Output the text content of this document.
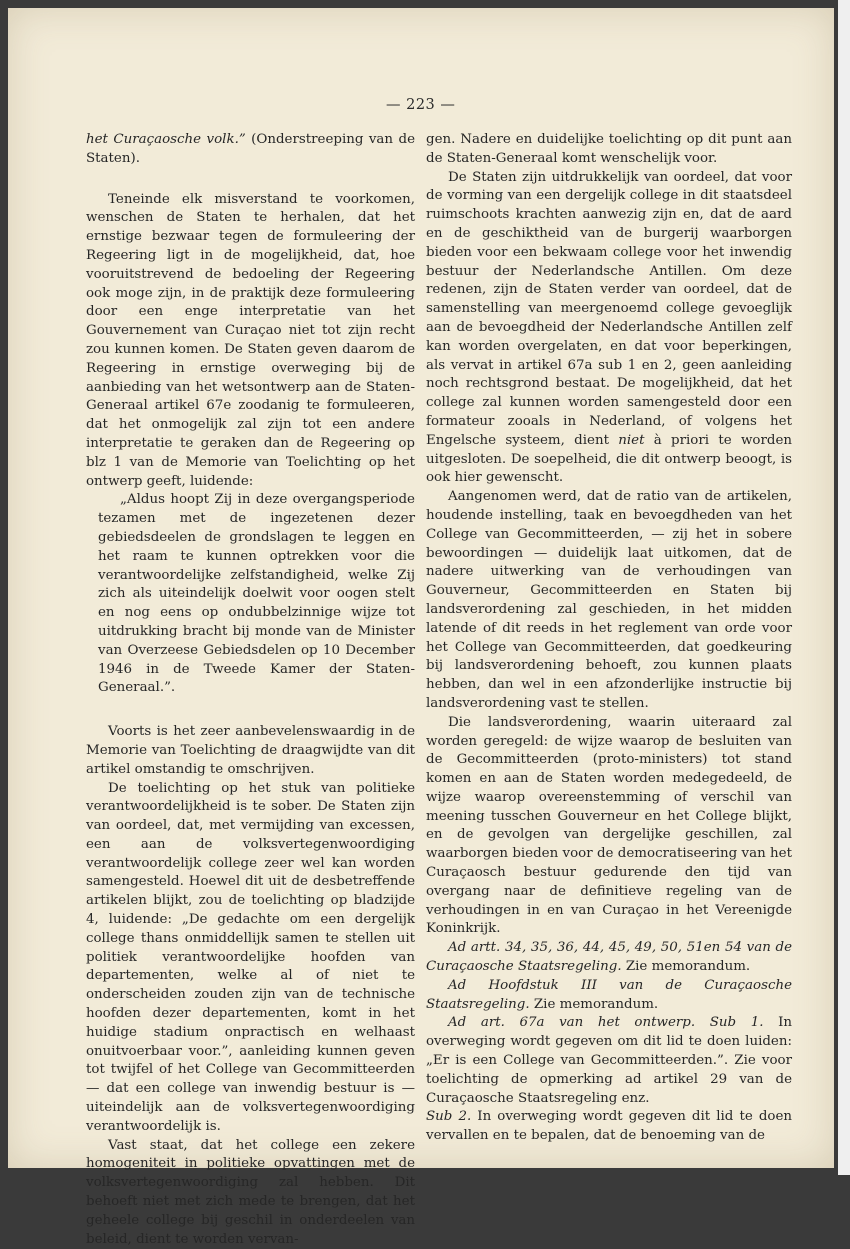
— 223 —

het Curaçaosche volk.” (Onderstreeping van de Staten).

Teneinde elk misverstand te voorkomen, wenschen de Staten te herhalen, dat het ernstige bezwaar tegen de formuleering der Regeering ligt in de mogelijkheid, dat, hoe vooruitstrevend de bedoeling der Regeering ook moge zijn, in de praktijk deze formuleering door een enge interpretatie van het Gouvernement van Curaçao niet tot zijn recht zou kunnen komen. De Staten geven daarom de Regeering in ernstige overweging bij de aanbieding van het wetsontwerp aan de Staten-Generaal artikel 67e zoodanig te formuleeren, dat het onmogelijk zal zijn tot een andere interpretatie te geraken dan de Regeering op blz 1 van de Memorie van Toelichting op het ontwerp geeft, luidende:

„Aldus hoopt Zij in deze overgangsperiode tezamen met de ingezetenen dezer gebiedsdeelen de grondslagen te leggen en het raam te kunnen optrekken voor die verantwoordelijke zelfstandigheid, welke Zij zich als uiteindelijk doelwit voor oogen stelt en nog eens op ondubbelzinnige wijze tot uitdrukking bracht bij monde van de Minister van Overzeese Gebiedsdelen op 10 December 1946 in de Tweede Kamer der Staten-Generaal.”.

Voorts is het zeer aanbevelenswaardig in de Memorie van Toelichting de draagwijdte van dit artikel omstandig te omschrijven.

De toelichting op het stuk van politieke verantwoordelijkheid is te sober. De Staten zijn van oordeel, dat, met vermijding van excessen, een aan de volksvertegenwoordiging verantwoordelijk college zeer wel kan worden samengesteld. Hoewel dit uit de desbetreffende artikelen blijkt, zou de toelichting op bladzijde 4, luidende: „De gedachte om een dergelijk college thans onmiddellijk samen te stellen uit politiek verantwoordelijke hoofden van departementen, welke al of niet te onderscheiden zouden zijn van de technische hoofden dezer departementen, komt in het huidige stadium onpractisch en welhaast onuitvoerbaar voor.”, aanleiding kunnen geven tot twijfel of het College van Gecommitteerden — dat een college van inwendig bestuur is — uiteindelijk aan de volksvertegenwoordiging verantwoordelijk is.

Vast staat, dat het college een zekere homogeniteit in politieke opvattingen met de volksvertegenwoordiging zal hebben. Dit behoeft niet met zich mede te brengen, dat het geheele college bij geschil in onderdeelen van beleid, dient te worden vervan-

gen. Nadere en duidelijke toelichting op dit punt aan de Staten-Generaal komt wenschelijk voor.

De Staten zijn uitdrukkelijk van oordeel, dat voor de vorming van een dergelijk college in dit staatsdeel ruimschoots krachten aanwezig zijn en, dat de aard en de geschiktheid van de burgerij waarborgen bieden voor een bekwaam college voor het inwendig bestuur der Nederlandsche Antillen. Om deze redenen, zijn de Staten verder van oordeel, dat de samenstelling van meergenoemd college gevoeglijk aan de bevoegdheid der Nederlandsche Antillen zelf kan worden overgelaten, en dat voor beperkingen, als vervat in artikel 67a sub 1 en 2, geen aanleiding noch rechtsgrond bestaat. De mogelijkheid, dat het college zal kunnen worden samengesteld door een formateur zooals in Nederland, of volgens het Engelsche systeem, dient niet à priori te worden uitgesloten. De soepelheid, die dit ontwerp beoogt, is ook hier gewenscht.

Aangenomen werd, dat de ratio van de artikelen, houdende instelling, taak en bevoegdheden van het College van Gecommitteerden, — zij het in sobere bewoordingen — duidelijk laat uitkomen, dat de nadere uitwerking van de verhoudingen van Gouverneur, Gecommitteerden en Staten bij landsverordening zal geschieden, in het midden latende of dit reeds in het reglement van orde voor het College van Gecommitteerden, dat goedkeuring bij landsverordening behoeft, zou kunnen plaats hebben, dan wel in een afzonderlijke instructie bij landsverordening vast te stellen.

Die landsverordening, waarin uiteraard zal worden geregeld: de wijze waarop de besluiten van de Gecommitteerden (proto-ministers) tot stand komen en aan de Staten worden medegedeeld, de wijze waarop overeenstemming of verschil van meening tusschen Gouverneur en het College blijkt, en de gevolgen van dergelijke geschillen, zal waarborgen bieden voor de democratiseering van het Curaçaosch bestuur gedurende den tijd van overgang naar de definitieve regeling van de verhoudingen in en van Curaçao in het Vereenigde Koninkrijk.

Ad artt. 34, 35, 36, 44, 45, 49, 50, 51en 54 van de Curaçaosche Staatsregeling. Zie memorandum.

Ad Hoofdstuk III van de Curaçaosche Staatsregeling. Zie memorandum.

Ad art. 67a van het ontwerp. Sub 1. In overweging wordt gegeven om dit lid te doen luiden: „Er is een College van Gecommitteerden.”. Zie voor toelichting de opmerking ad artikel 29 van de Curaçaosche Staatsregeling enz.

Sub 2. In overweging wordt gegeven dit lid te doen vervallen en te bepalen, dat de benoeming van de
